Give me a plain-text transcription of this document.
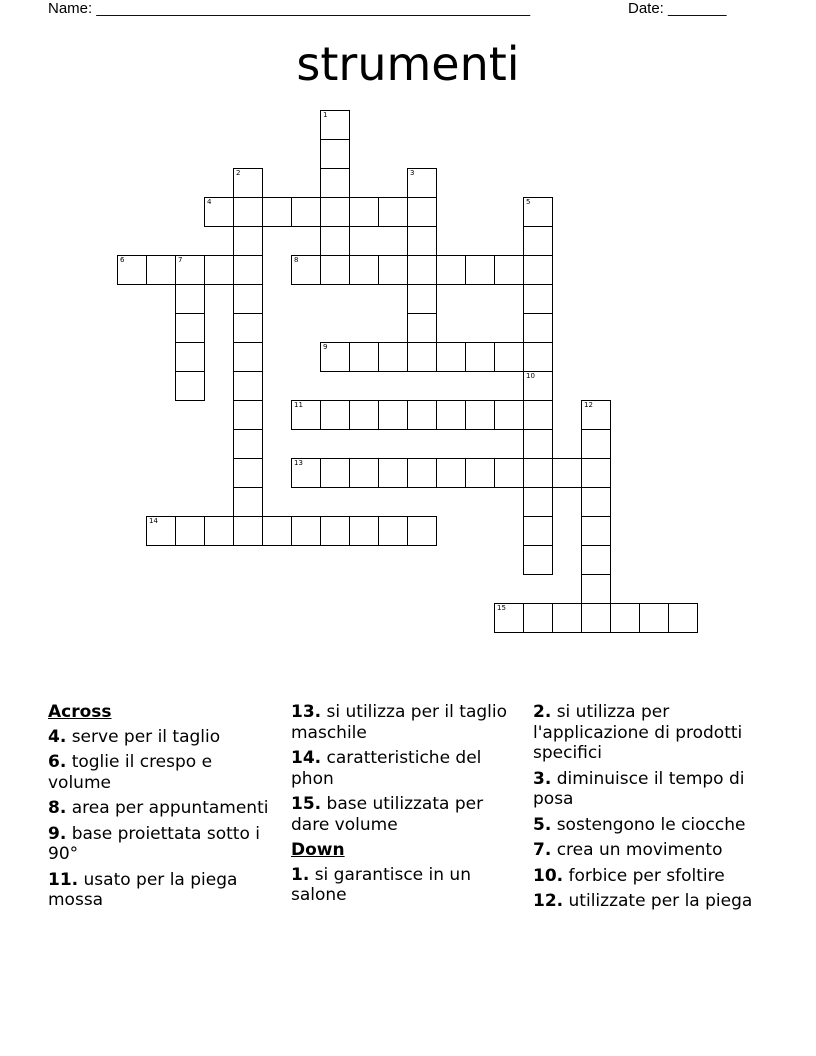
Name: ____________________________________________________	Date: _______
strumenti
1
2	3
4	5
6	7	8
9
10
11	12
13
14
15
Across
4. serve per il taglio
6. toglie il crespo e volume
8. area per appuntamenti
9. base proiettata sotto i 90°
11. usato per la piega mossa
13. si utilizza per il taglio maschile
14. caratteristiche del phon
15. base utilizzata per dare volume
Down
1. si garantisce in un salone
2. si utilizza per l'applicazione di prodotti specifici
3. diminuisce il tempo di posa
5. sostengono le ciocche
7. crea un movimento
10. forbice per sfoltire
12. utilizzate per la piega
